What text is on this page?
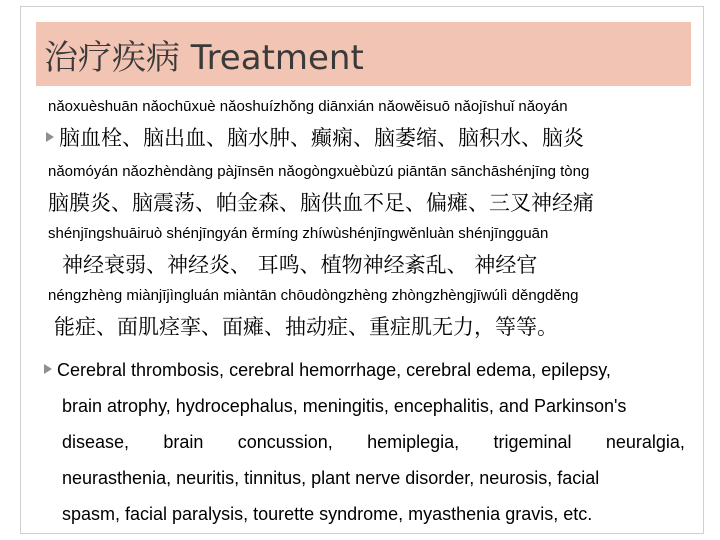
治疗疾病 Treatment
nǎoxuèshuān nǎochūxuè nǎoshuízhǒng diānxián nǎowěisuō nǎojīshuǐ nǎoyán
脑血栓、脑出血、脑水肿、癫痫、脑萎缩、脑积水、脑炎
nǎomóyán nǎozhèndàng pàjīnsēn nǎogòngxuèbùzú piāntān sānchāshénjīng tòng
脑膜炎、脑震荡、帕金森、脑供血不足、偏瘫、三叉神经痛
shénjīngshuāiruò shénjīngyán ěrmíng zhíwùshénjīngwěnluàn shénjīngguān
神经衰弱、神经炎、 耳鸣、植物神经紊乱、 神经官
néngzhèng miànjījìngluán miàntān chōudòngzhèng zhòngzhèngjīwúlì děngděng
能症、面肌痉挛、面瘫、抽动症、重症肌无力，等等。
Cerebral thrombosis, cerebral hemorrhage, cerebral edema, epilepsy,
brain atrophy, hydrocephalus, meningitis, encephalitis, and Parkinson's
disease, brain concussion, hemiplegia, trigeminal neuralgia,
neurasthenia, neuritis, tinnitus, plant nerve disorder, neurosis, facial
spasm, facial paralysis, tourette syndrome, myasthenia gravis, etc.
